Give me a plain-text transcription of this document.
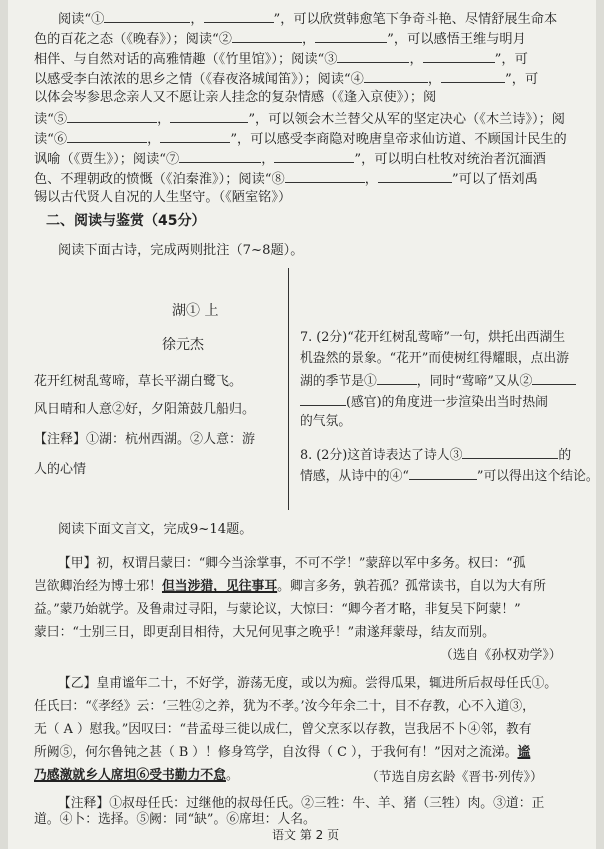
阅读“①	，	”，可以欣赏韩愈笔下争奇斗艳、尽情舒展生命本
色的百花之态（《晚春》）；阅读“②	，	”，可以感悟王维与明月
相伴、与自然对话的高雅情趣（《竹里馆》）；阅读“③	，	”，可
以感受李白浓浓的思乡之情（《春夜洛城闻笛》）；阅读“④	，	”，可
以体会岑参思念亲人又不愿让亲人挂念的复杂情感（《逢入京使》）；阅
读“⑤	，	”，可以领会木兰替父从军的坚定决心（《木兰诗》）；阅
读“⑥	，	”，可以感受李商隐对晚唐皇帝求仙访道、不顾国计民生的
讽喻（《贾生》）；阅读“⑦	，	”，可以明白杜牧对统治者沉湎酒
色、不理朝政的愤慨（《泊秦淮》）；阅读“⑧	，	”可以了悟刘禹
锡以古代贤人自况的人生坚守。（《陋室铭》）
二、阅读与鉴赏（45分）
阅读下面古诗，完成两则批注（7~8题）。
湖① 上
徐元杰
花开红树乱莺啼，草长平湖白鹭飞。
风日晴和人意②好，夕阳箫鼓几船归。
【注释】①湖：杭州西湖。②人意：游
人的心情
7. (2分)“花开红树乱莺啼”一句，烘托出西湖生
机盎然的景象。“花开”而使树红得耀眼，点出游
湖的季节是①	，同时“莺啼”又从②
(感官)的角度进一步渲染出当时热闹
的气氛。
8. (2分)这首诗表达了诗人③	的
情感，从诗中的④“	”可以得出这个结论。
阅读下面文言文，完成9~14题。
【甲】初，权谓吕蒙曰：“卿今当涂掌事，不可不学！”蒙辞以军中多务。权曰：“孤
岂欲卿治经为博士邪！但当涉猎，见往事耳。卿言多务，孰若孤？孤常读书，自以为大有所
益。”蒙乃始就学。及鲁肃过寻阳，与蒙论议，大惊曰：“卿今者才略，非复吴下阿蒙！”
蒙曰：“士别三日，即更刮目相待，大兄何见事之晚乎！”肃遂拜蒙母，结友而别。
（选自《孙权劝学》）
【乙】皇甫谧年二十，不好学，游荡无度，或以为痴。尝得瓜果，辄进所后叔母任氏①。
任氏曰：“《孝经》云：‘三牲②之养，犹为不孝。’汝今年余二十，目不存教，心不入道③，
无（ A ）慰我。”因叹曰：“昔孟母三徙以成仁，曾父烹豕以存教，岂我居不卜④邻，教有
所阙⑤，何尔鲁钝之甚（ B ）！修身笃学，自汝得（ C ），于我何有！”因对之流涕。谧
乃感激就乡人席坦⑥受书勤力不怠。	（节选自房玄龄《晋书·列传》）
【注释】①叔母任氏：过继他的叔母任氏。②三牲：牛、羊、猪（三牲）肉。③道：正
道。④卜：选择。⑤阙：同“缺”。⑥席坦：人名。
语文 第 2 页
